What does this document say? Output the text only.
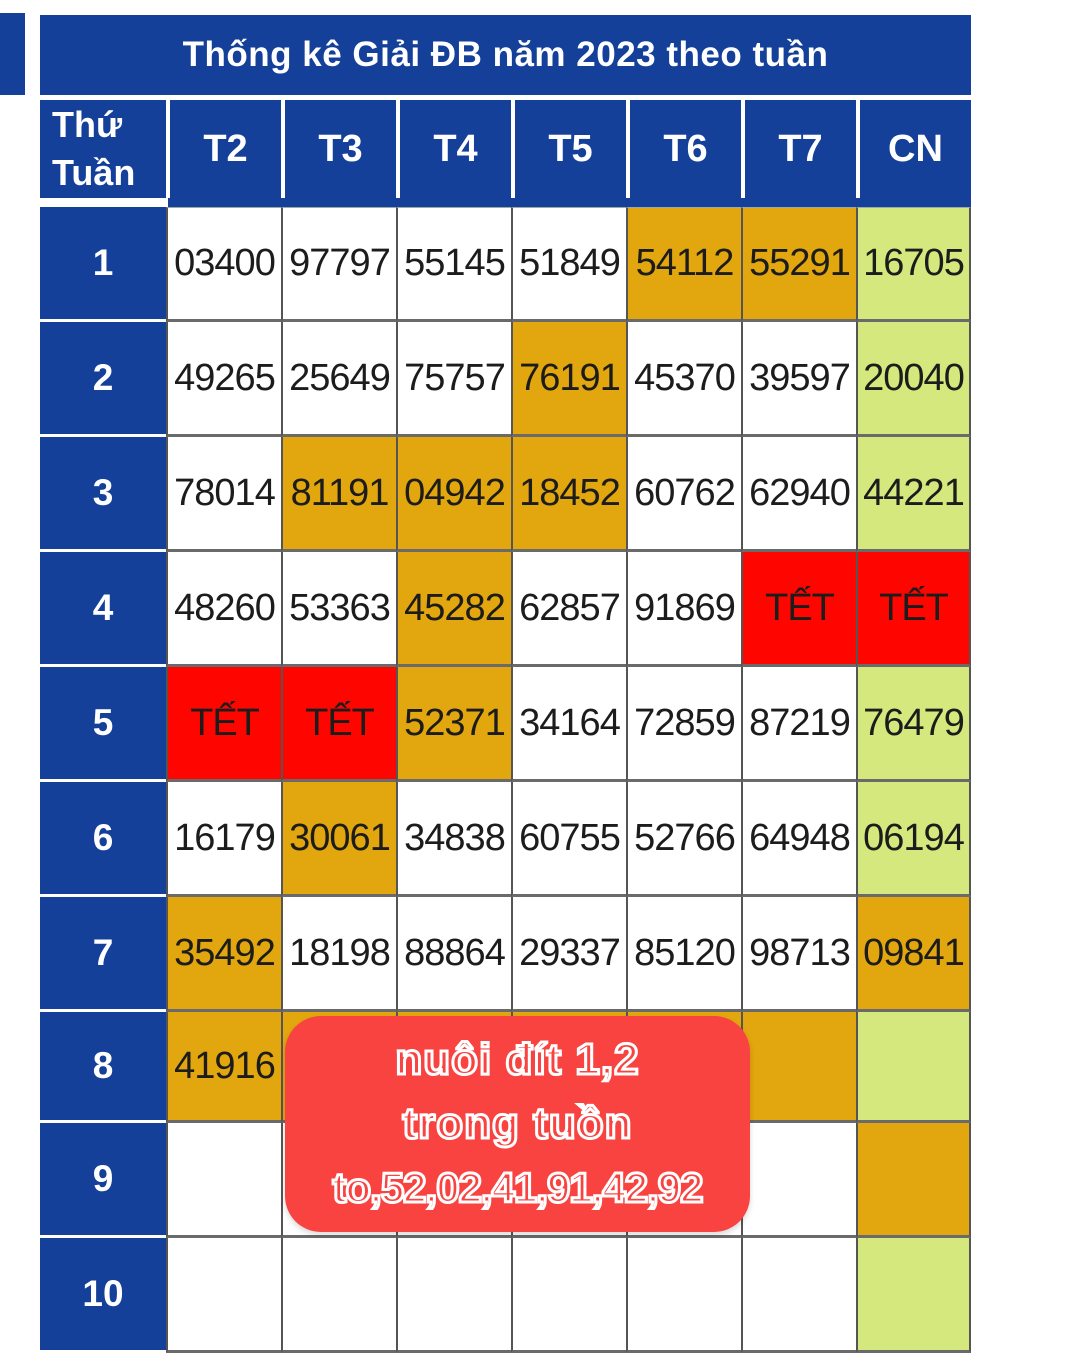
Thống kê Giải ĐB năm 2023 theo tuần
Thứ
Tuần
T2	T3	T4	T5	T6	T7	CN
1	03400 97797 55145 51849 54112 55291 16705
2	49265 25649 75757 76191 45370 39597 20040
3	78014 81191 04942 18452 60762 62940 44221
4	48260 53363 45282 62857 91869 TẾT	TẾT
5	TẾT	TẾT 52371 34164 72859 87219 76479
6	16179 30061 34838 60755 52766 64948 06194
7	35492 18198 88864 29337 85120 98713 09841
8	41916
9
10
nuôi đít 1,2
trong tuồn
to,52,02,41,91,42,92
